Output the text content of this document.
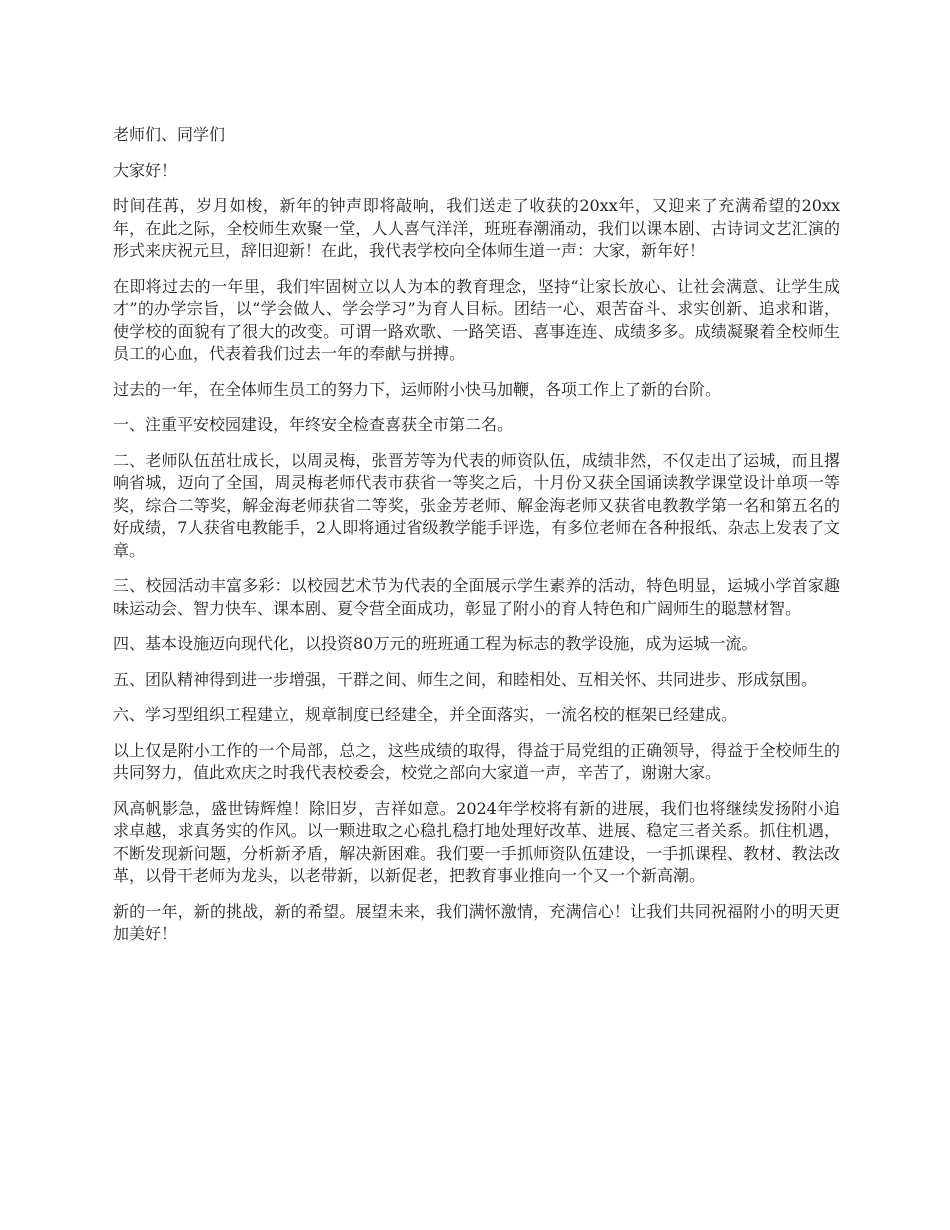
老师们、同学们

大家好！

时间荏苒，岁月如梭，新年的钟声即将敲响，我们送走了收获的20xx年，又迎来了充满希望的20xx年，在此之际，全校师生欢聚一堂，人人喜气洋洋，班班春潮涌动，我们以课本剧、古诗词文艺汇演的形式来庆祝元旦，辞旧迎新！在此，我代表学校向全体师生道一声：大家，新年好！

在即将过去的一年里，我们牢固树立以人为本的教育理念，坚持“让家长放心、让社会满意、让学生成才”的办学宗旨，以“学会做人、学会学习”为育人目标。团结一心、艰苦奋斗、求实创新、追求和谐，使学校的面貌有了很大的改变。可谓一路欢歌、一路笑语、喜事连连、成绩多多。成绩凝聚着全校师生员工的心血，代表着我们过去一年的奉献与拼搏。

过去的一年，在全体师生员工的努力下，运师附小快马加鞭，各项工作上了新的台阶。

一、注重平安校园建设，年终安全检查喜获全市第二名。

二、老师队伍茁壮成长，以周灵梅，张晋芳等为代表的师资队伍，成绩非然，不仅走出了运城，而且撂响省城，迈向了全国，周灵梅老师代表市获省一等奖之后，十月份又获全国诵读教学课堂设计单项一等奖，综合二等奖，解金海老师获省二等奖，张金芳老师、解金海老师又获省电教教学第一名和第五名的好成绩，7人获省电教能手，2人即将通过省级教学能手评选，有多位老师在各种报纸、杂志上发表了文章。

三、校园活动丰富多彩：以校园艺术节为代表的全面展示学生素养的活动，特色明显，运城小学首家趣味运动会、智力快车、课本剧、夏令营全面成功，彰显了附小的育人特色和广阔师生的聪慧材智。

四、基本设施迈向现代化，以投资80万元的班班通工程为标志的教学设施，成为运城一流。

五、团队精神得到进一步增强，干群之间、师生之间，和睦相处、互相关怀、共同进步、形成氛围。

六、学习型组织工程建立，规章制度已经建全，并全面落实，一流名校的框架已经建成。

以上仅是附小工作的一个局部，总之，这些成绩的取得，得益于局党组的正确领导，得益于全校师生的共同努力，值此欢庆之时我代表校委会，校党之部向大家道一声，辛苦了，谢谢大家。

风高帆影急，盛世铸辉煌！除旧岁，吉祥如意。2024年学校将有新的进展，我们也将继续发扬附小追求卓越，求真务实的作风。以一颗进取之心稳扎稳打地处理好改革、进展、稳定三者关系。抓住机遇，不断发现新问题，分析新矛盾，解决新困难。我们要一手抓师资队伍建设，一手抓课程、教材、教法改革，以骨干老师为龙头，以老带新，以新促老，把教育事业推向一个又一个新高潮。

新的一年，新的挑战，新的希望。展望未来，我们满怀激情，充满信心！让我们共同祝福附小的明天更加美好！
